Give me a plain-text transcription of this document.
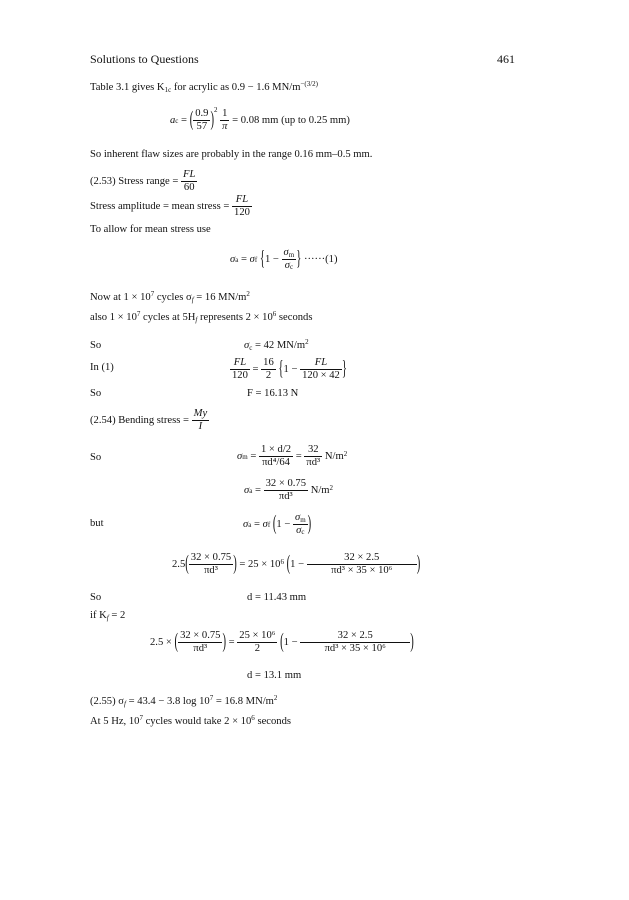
Solutions to Questions	461
Table 3.1 gives $K_{1c}$ for acrylic as 0.9 − 1.6 $MN/m^{-(3/2)}$
$a_c$ = ( $\frac{0.9}{57} )^2$
$\frac{1}{\pi}$
= 0.08 mm (up to 0.25 mm)
So inherent flaw sizes are probably in the range 0.16 mm–0.5 mm.
(2.53) Stress range =
$\frac{FL}{60}$
Stress amplitude = mean stress =
$\frac{FL}{120}$
To allow for mean stress use
$\sigma_a = \sigma_f$
{ $1 - \frac{\sigma_m}{\sigma_c}$ }
······(1)
Now at $1 \times 10^7$ cycles $\sigma_f = 16$ $MN/m^2$
also $1 \times 10^7$ cycles at $5H_f$ represents $2 \times 10^6$ seconds
So	$\sigma_c = 42$ $MN/m^2$
In (1)	$\frac{FL}{120} = \frac{16}{2}$
{ $1 - \frac{FL}{120 \times 42}$ }
So	F = 16.13 N
(2.54) Bending stress =
$\frac{My}{I}$
So	$\sigma_m = \frac{1 \times d/2}{\text{πd⁴/64}} = \frac{32}{\text{πd³}}$
$N/m^2$
$\sigma_a = \frac{32 \times 0.75}{\text{πd³}}$
$N/m^2$
but	$\sigma_a = \sigma_f$
( $1 - \frac{\sigma_m}{\sigma_c}$ )
2.5 ( $\frac{32 \times 0.75}{\text{πd³}}$ )
= $25 \times 10^6$
( $1 - \frac{32 \times 2.5}{\text{πd³ × 35 × 10⁶}}$ )
So	d = 11.43 mm
if $K_f = 2$
2.5 ×
( $\frac{32 \times 0.75}{\text{πd³}}$ ) = $\frac{\text{25 × 10⁶}}{2}$
( $1 - \frac{32 \times 2.5}{\text{πd³ × 35 × 10⁶}}$ )
d = 13.1 mm
(2.55) $\sigma_f = 43.4 - 3.8$ $\log 10^7 = 16.8$ $MN/m^2$
At 5 Hz, $10^7$ cycles would take $2 \times 10^6$ seconds
